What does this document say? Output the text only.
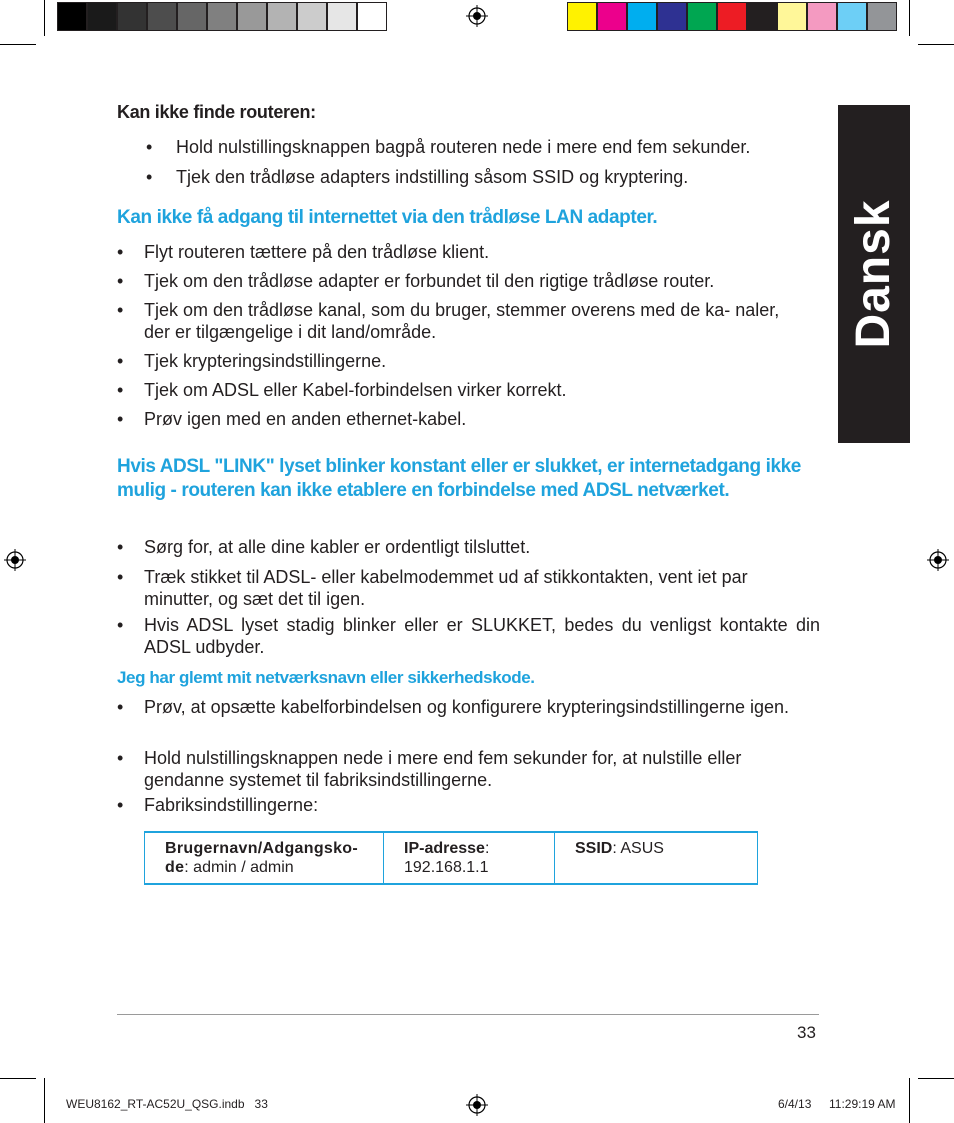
Dansk
Kan ikke finde routeren:
• Hold nulstillingsknappen bagpå routeren nede i mere end fem sekunder.
• Tjek den trådløse adapters indstilling såsom SSID og kryptering.
Kan ikke få adgang til internettet via den trådløse LAN adapter.
• Flyt routeren tættere på den trådløse klient.
• Tjek om den trådløse adapter er forbundet til den rigtige trådløse router.
• Tjek om den trådløse kanal, som du bruger, stemmer overens med de ka- naler, der er tilgængelige i dit land/område.
• Tjek krypteringsindstillingerne.
• Tjek om ADSL eller Kabel-forbindelsen virker korrekt.
• Prøv igen med en anden ethernet-kabel.
Hvis ADSL "LINK" lyset blinker konstant eller er slukket, er internetadgang ikke mulig - routeren kan ikke etablere en forbindelse med ADSL netværket.
• Sørg for, at alle dine kabler er ordentligt tilsluttet.
• Træk stikket til ADSL- eller kabelmodemmet ud af stikkontakten, vent iet par minutter, og sæt det til igen.
• Hvis ADSL lyset stadig blinker eller er SLUKKET, bedes du venligst kontakte din ADSL udbyder.
Jeg har glemt mit netværksnavn eller sikkerhedskode.
• Prøv, at opsætte kabelforbindelsen og konfigurere krypteringsindstillingerne igen.
• Hold nulstillingsknappen nede i mere end fem sekunder for, at nulstille eller gendanne systemet til fabriksindstillingerne.
• Fabriksindstillingerne:
Brugernavn/Adgangsko- de: admin / admin	IP-adresse: 192.168.1.1	SSID: ASUS
33
WEU8162_RT-AC52U_QSG.indb   33	6/4/13 11:29:19 AM
